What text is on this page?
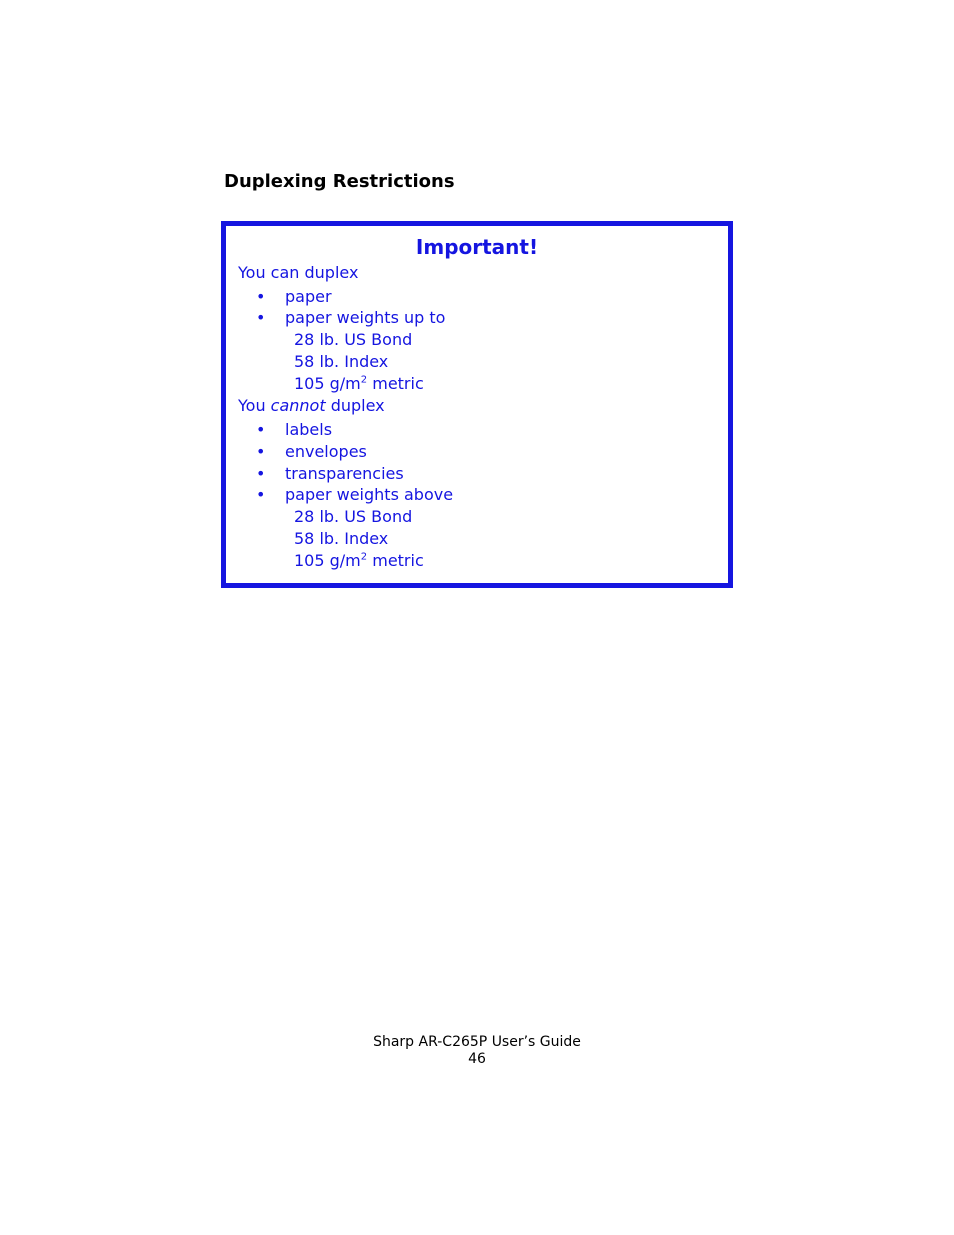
Duplexing Restrictions
Important!
You can duplex
• paper
• paper weights up to
28 lb. US Bond
58 lb. Index
105 $g/m^2$ metric
You cannot duplex
• labels
• envelopes
• transparencies
• paper weights above
28 lb. US Bond
58 lb. Index
105 $g/m^2$ metric
Sharp AR-C265P User’s Guide
46
